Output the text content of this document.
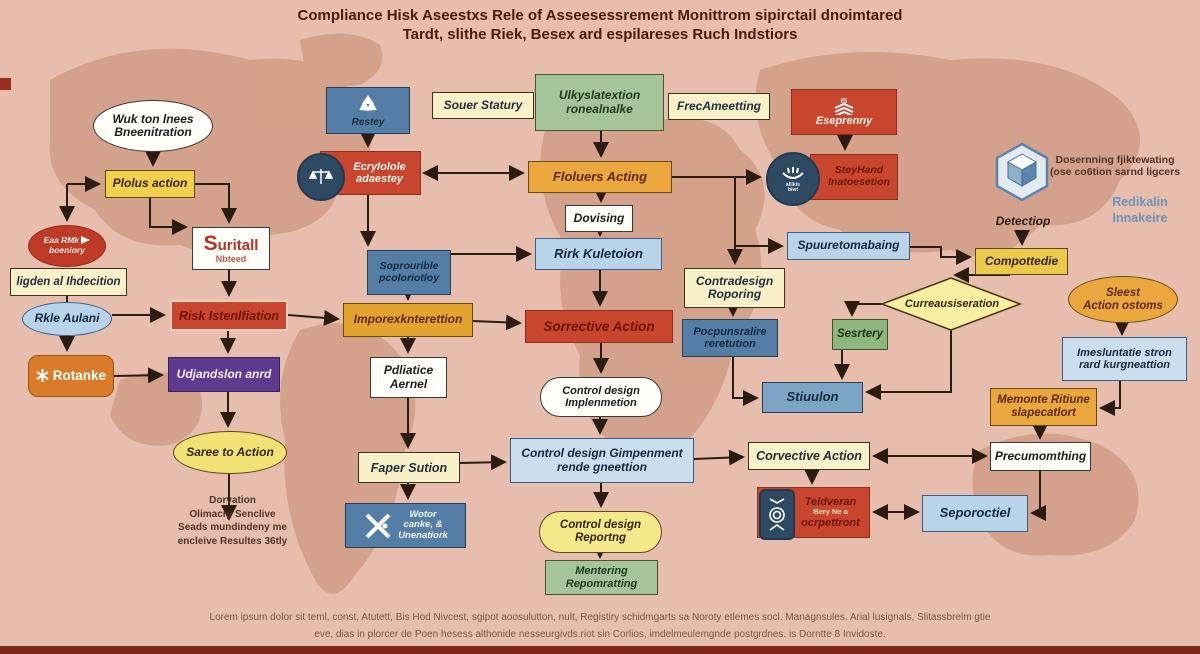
Compliance Hisk Aseestxs Rele of Asseesessrement Monittrom sipirctail dnoimtared
Tardt, slithe Riek, Besex ard espilareses Ruch Indstiors
Wuk ton lnees
Bneenitration
Plolus action
Eaa RMk
boeniory
ligden al Ihdecition
Rkle Aulani
Suritall
Nbteed
Risk Istenlfiation
Rotanke	Udjandslon anrd
Saree to Action
Dorvation
Olimacry Senclive
Seads mundindeny me
encleive Resultes 36tly
Restey
Ecrylolole
adaestey
Souer Statury
Ulkyslatextion
ronealnalke	FrecAmeetting	IS
Eseprenny
Floluers Acting	SteyHand
Inatoesetion
alllkts
biwt
Dovising
Rirk Kuletoion
Soprourible
pcoloriotloy
Imporexknterettion	Sorrective Action
Pdliatice
Aernel
Control design
Implenmetion
Control design Gimpenment
rende gneettion
Faper Sution
Wotor
canke, &
Unenatiork
Control design
Reportng
Mentering
Repomratting
Spuuretomabaing
Contradesign
Roporing
Pocpunsralire
reretution
Sesrtery
Curreausiseration
Compottedie
Detectiop
Dosernning fjiktewating
(ose co6tion sarnd ligcers
Redikalin
Innakeire
Sleest
Action ostoms
Imesluntatie stron
rard kurgneattion
Memonte Ritiune
slapecatlort
Stiuulon
Corvective Action	Precumomthing
Teldveran
Bery Ne a
ocrpettront
Seporoctiel
Lorem ipsum dolor sit teml, const, Atutett, Bis Hod Nivcest, sgipot aoosulutton, nult, Registiry schidmgarts sa Noroty etlemes socl. Managnsules. Arial lusignals, Slitassbrelm gtie
eve, dias in plorcer de Poen hesess althonide nesseurgivds.riot sin Corlios, imdelmeulemgnde postgrdnes. is Dorntte 8 Invidoste.
